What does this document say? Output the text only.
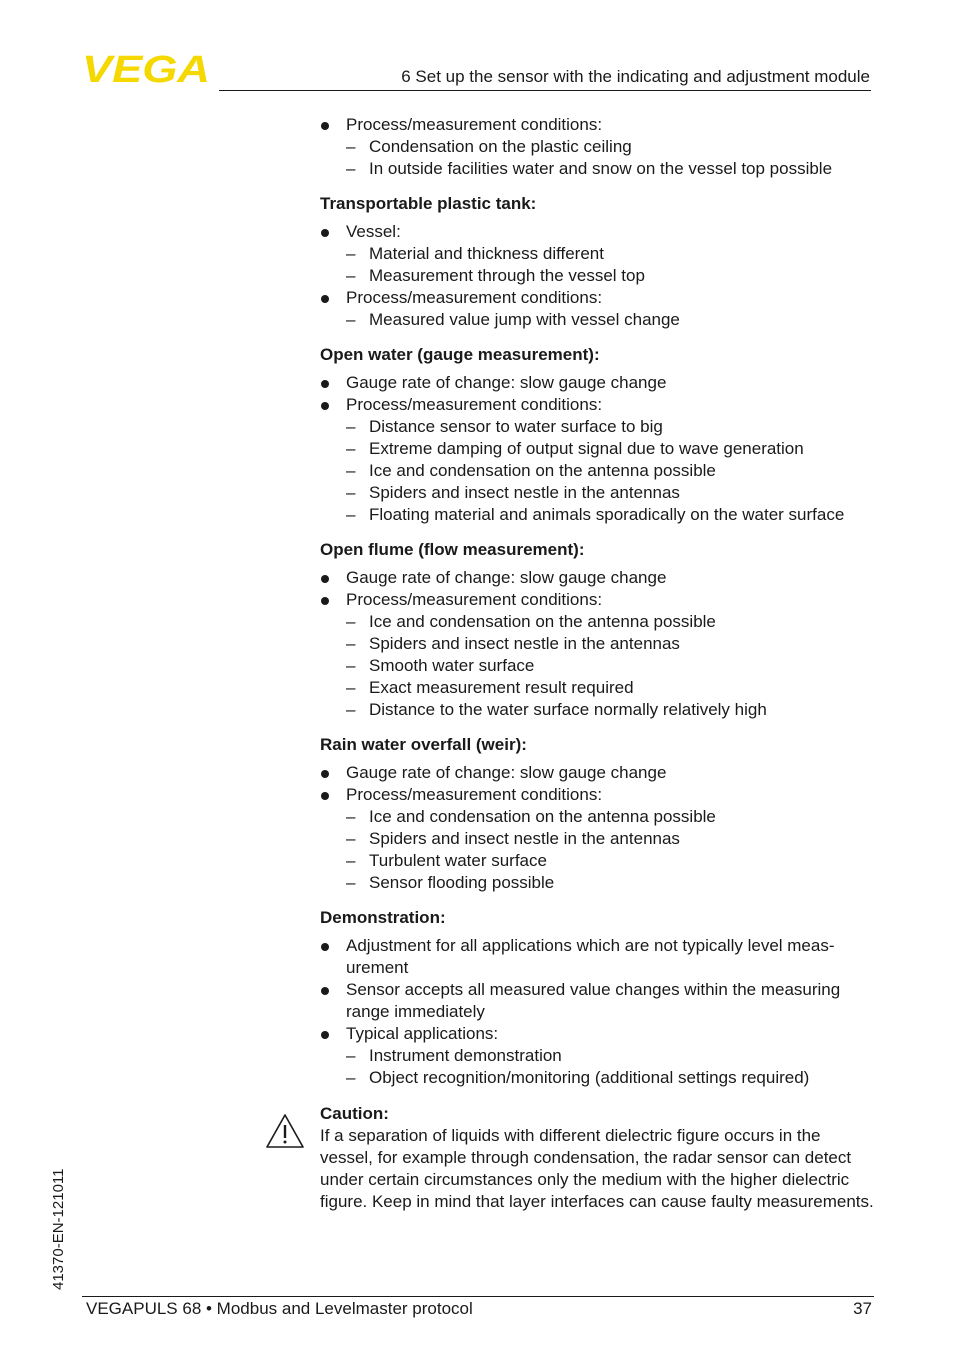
VEGA	6 Set up the sensor with the indicating and adjustment module
Process/measurement conditions:
– Condensation on the plastic ceiling
– In outside facilities water and snow on the vessel top possible
Transportable plastic tank:
Vessel:
– Material and thickness different
– Measurement through the vessel top
Process/measurement conditions:
– Measured value jump with vessel change
Open water (gauge measurement):
Gauge rate of change: slow gauge change
Process/measurement conditions:
– Distance sensor to water surface to big
– Extreme damping of output signal due to wave generation
– Ice and condensation on the antenna possible
– Spiders and insect nestle in the antennas
– Floating material and animals sporadically on the water surface
Open flume (flow measurement):
Gauge rate of change: slow gauge change
Process/measurement conditions:
– Ice and condensation on the antenna possible
– Spiders and insect nestle in the antennas
– Smooth water surface
– Exact measurement result required
– Distance to the water surface normally relatively high
Rain water overfall (weir):
Gauge rate of change: slow gauge change
Process/measurement conditions:
– Ice and condensation on the antenna possible
– Spiders and insect nestle in the antennas
– Turbulent water surface
– Sensor flooding possible
Demonstration:
Adjustment for all applications which are not typically level meas-urement
Sensor accepts all measured value changes within the measuring range immediately
Typical applications:
– Instrument demonstration
– Object recognition/monitoring (additional settings required)
Caution:
If a separation of liquids with different dielectric figure occurs in the vessel, for example through condensation, the radar sensor can detect under certain circumstances only the medium with the higher dielectric figure. Keep in mind that layer interfaces can cause faulty measurements.
41370-EN-121011
VEGAPULS 68 • Modbus and Levelmaster protocol	37
